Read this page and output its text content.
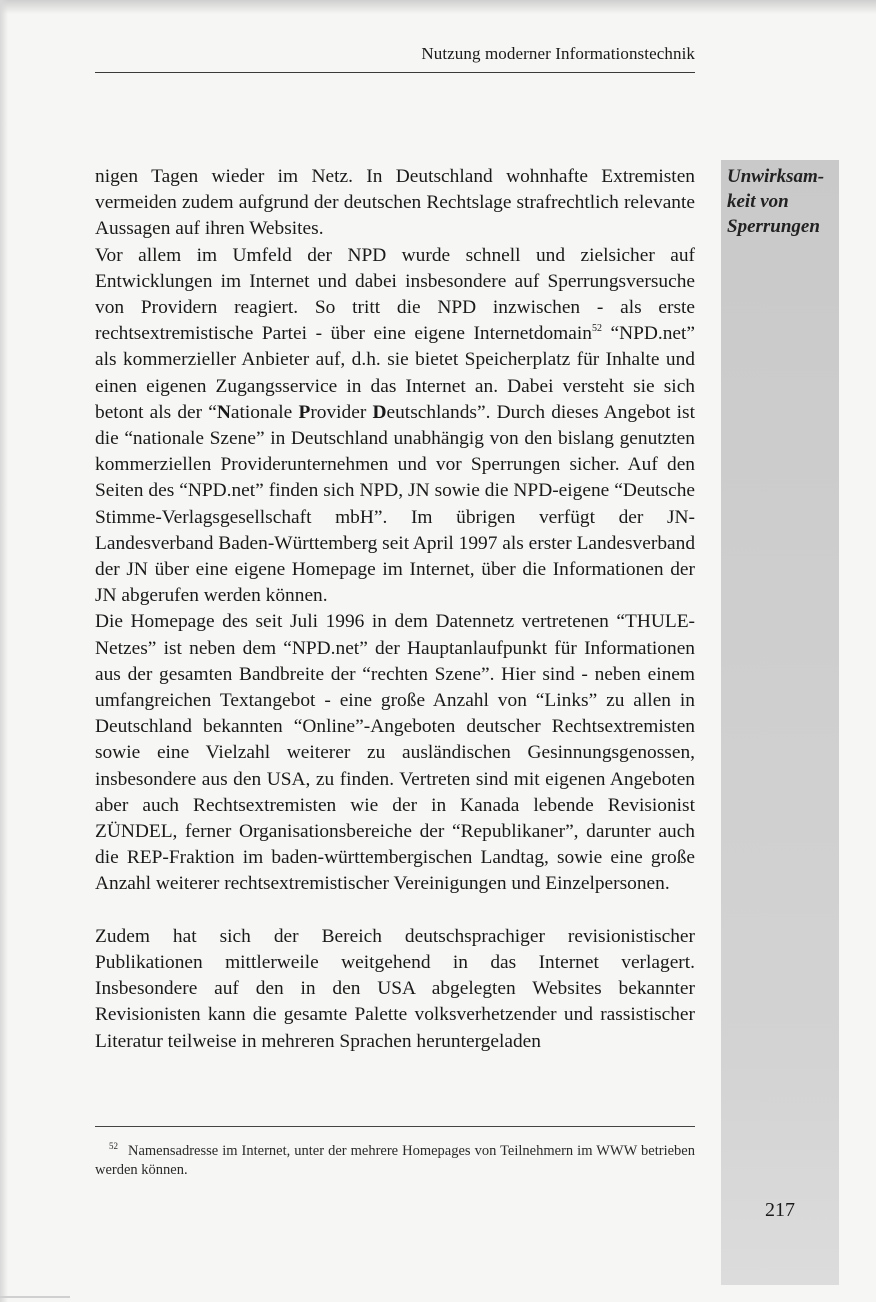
Nutzung moderner Informationstechnik
Unwirksam-
keit von
Sperrungen

nigen Tagen wieder im Netz. In Deutschland wohnhafte Extremisten vermeiden zudem aufgrund der deutschen Rechtslage strafrechtlich relevante Aussagen auf ihren Websites.

Vor allem im Umfeld der NPD wurde schnell und zielsicher auf Entwicklungen im Internet und dabei insbesondere auf Sperrungsversuche von Providern reagiert. So tritt die NPD inzwischen - als erste rechtsextremistische Partei - über eine eigene Internetdomain$^{52}$ “NPD.net” als kommerzieller Anbieter auf, d.h. sie bietet Speicherplatz für Inhalte und einen eigenen Zugangsservice in das Internet an. Dabei versteht sie sich betont als der “Nationale Provider Deutschlands”. Durch dieses Angebot ist die “nationale Szene” in Deutschland unabhängig von den bislang genutzten kommerziellen Providerunternehmen und vor Sperrungen sicher. Auf den Seiten des “NPD.net” finden sich NPD, JN sowie die NPD-eigene “Deutsche Stimme-Verlagsgesellschaft mbH”. Im übrigen verfügt der JN-Landesverband Baden-Württemberg seit April 1997 als erster Landesverband der JN über eine eigene Homepage im Internet, über die Informationen der JN abgerufen werden können.

Die Homepage des seit Juli 1996 in dem Datennetz vertretenen “THULE-Netzes” ist neben dem “NPD.net” der Hauptanlaufpunkt für Informationen aus der gesamten Bandbreite der “rechten Szene”. Hier sind - neben einem umfangreichen Textangebot - eine große Anzahl von “Links” zu allen in Deutschland bekannten “Online”-Angeboten deutscher Rechtsextremisten sowie eine Vielzahl weiterer zu ausländischen Gesinnungsgenossen, insbesondere aus den USA, zu finden. Vertreten sind mit eigenen Angeboten aber auch Rechtsextremisten wie der in Kanada lebende Revisionist ZÜNDEL, ferner Organisationsbereiche der “Republikaner”, darunter auch die REP-Fraktion im baden-württembergischen Landtag, sowie eine große Anzahl weiterer rechtsextremistischer Vereinigungen und Einzelpersonen.

Zudem hat sich der Bereich deutschsprachiger revisionistischer Publikationen mittlerweile weitgehend in das Internet verlagert. Insbesondere auf den in den USA abgelegten Websites bekannter Revisionisten kann die gesamte Palette volksverhetzender und rassistischer Literatur teilweise in mehreren Sprachen heruntergeladen

$^{52}$ Namensadresse im Internet, unter der mehrere Homepages von Teilnehmern im WWW betrieben werden können.
217
